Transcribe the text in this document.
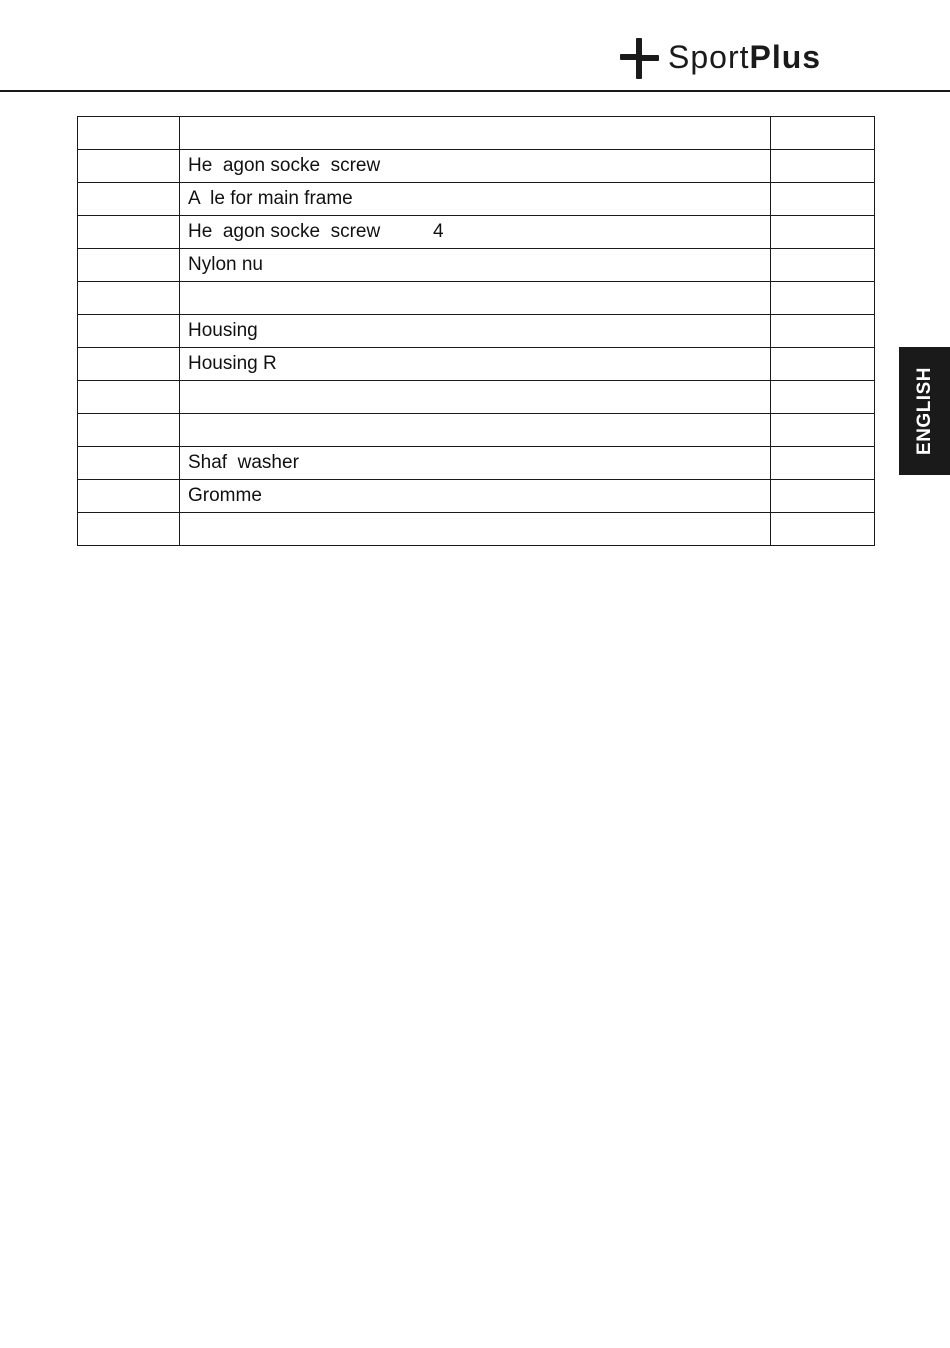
SportPlus
ENGLISH

	He  agon socke  screw	
	A  le for main frame	
	He  agon socke  screw          4	
	Nylon nu	

	Housing	
	Housing R	

	Shaf  washer	
	Gromme	
